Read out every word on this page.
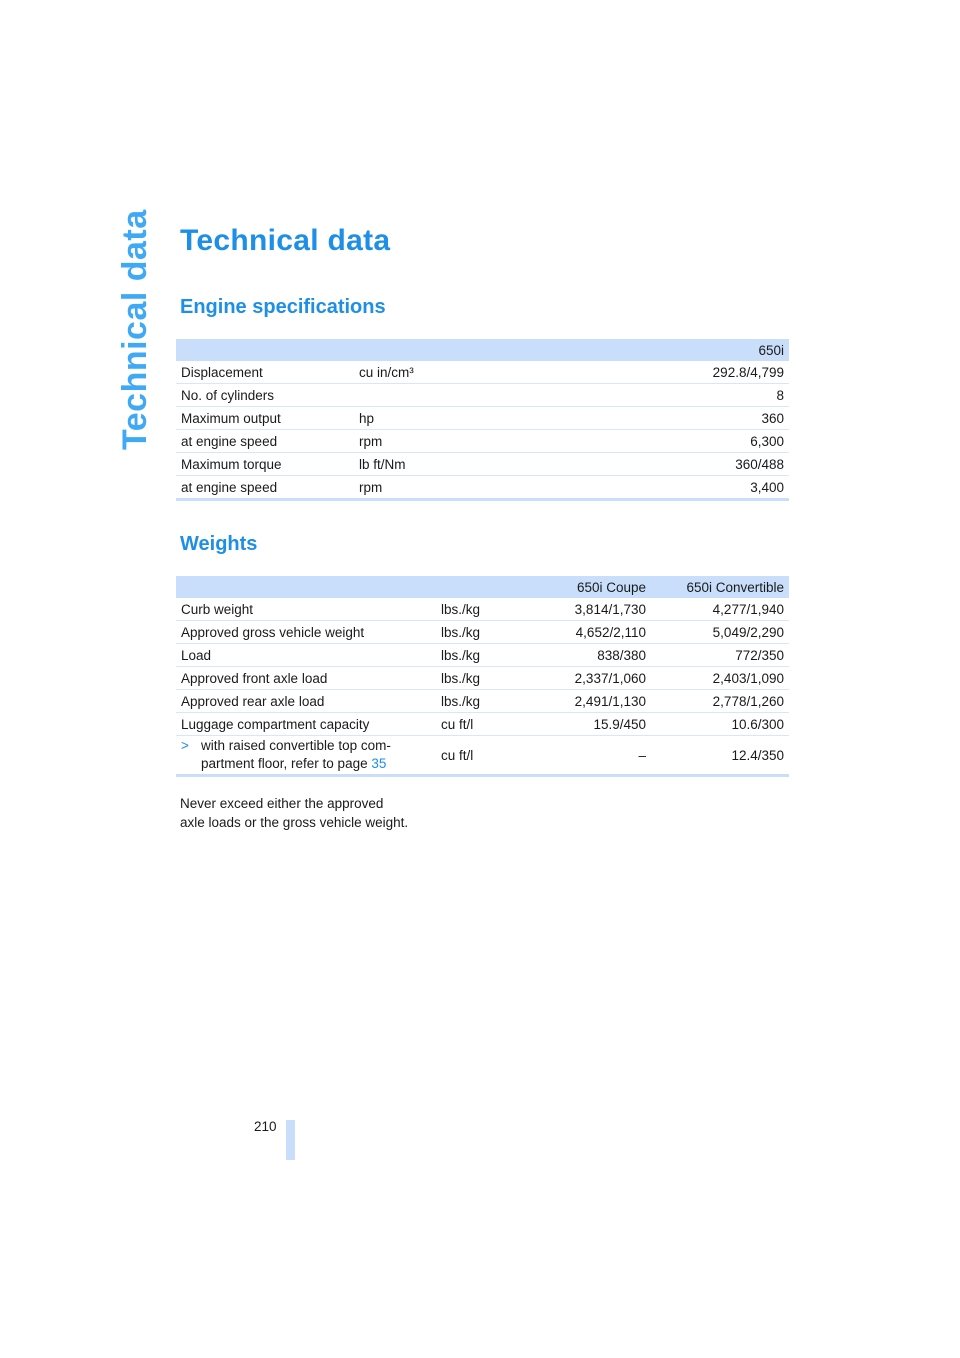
Technical data Technical data
Engine specifications
		650i
Displacement	cu in/cm³	292.8/4,799
No. of cylinders		8
Maximum output	hp	360
at engine speed	rpm	6,300
Maximum torque	lb ft/Nm	360/488
at engine speed	rpm	3,400
Weights
		650i Coupe	650i Convertible
Curb weight	lbs./kg	3,814/1,730	4,277/1,940
Approved gross vehicle weight	lbs./kg	4,652/2,110	5,049/2,290
Load	lbs./kg	838/380	772/350
Approved front axle load	lbs./kg	2,337/1,060	2,403/1,090
Approved rear axle load	lbs./kg	2,491/1,130	2,778/1,260
Luggage compartment capacity	cu ft/l	15.9/450	10.6/300
> with raised convertible top com-
partment floor, refer to page 35	cu ft/l	–	12.4/350

Never exceed either the approved
axle loads or the gross vehicle weight.

210
